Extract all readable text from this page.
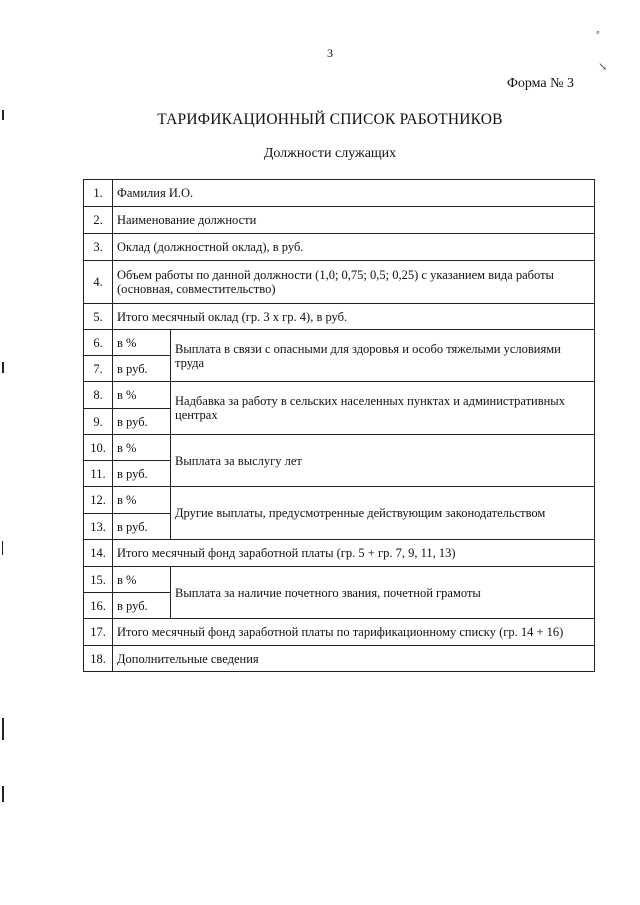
3
Форма № 3
ТАРИФИКАЦИОННЫЙ СПИСОК РАБОТНИКОВ
Должности служащих
1.	Фамилия И.О.	
2.	Наименование должности	
3.	Оклад (должностной оклад), в руб.	
4.	Объем работы по данной должности (1,0; 0,75; 0,5; 0,25) с указанием вида работы (основная, совместительство)	
5.	Итого месячный оклад (гр. 3 х гр. 4), в руб.	
6.	в %	Выплата в связи с опасными для здоровья и особо тяжелыми условиями труда
7.	в руб.	
8.	в %	Надбавка за работу в сельских населенных пунктах и административных центрах
9.	в руб.	
10.	в %	Выплата за выслугу лет
11.	в руб.	
12.	в %	Другие выплаты, предусмотренные действующим законодательством
13.	в руб.	
14.	Итого месячный фонд заработной платы (гр. 5 + гр. 7, 9, 11, 13)	
15.	в %	Выплата за наличие почетного звания, почетной грамоты
16.	в руб.	
17.	Итого месячный фонд заработной платы по тарификационному списку (гр. 14 + 16)	
18.	Дополнительные сведения	
⸗
↘
